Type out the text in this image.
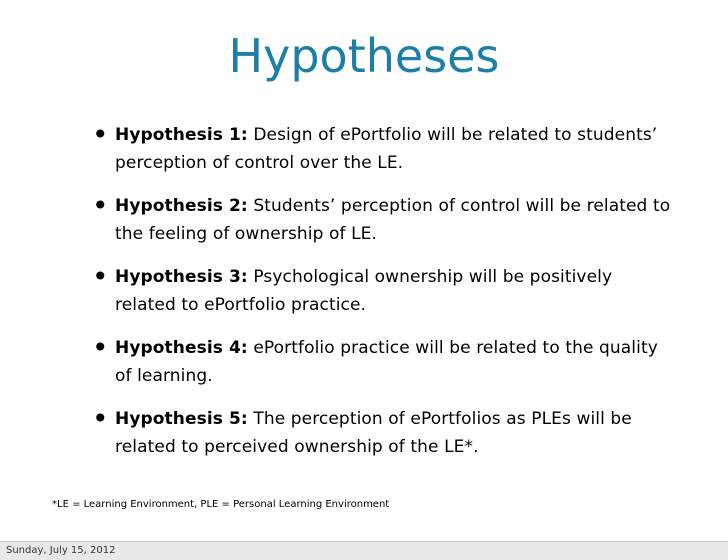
Hypotheses
• Hypothesis 1: Design of ePortfolio will be related to students’ perception of control over the LE.
• Hypothesis 2: Students’ perception of control will be related to the feeling of ownership of LE.
• Hypothesis 3: Psychological ownership will be positively related to ePortfolio practice.
• Hypothesis 4: ePortfolio practice will be related to the quality of learning.
• Hypothesis 5: The perception of ePortfolios as PLEs will be related to perceived ownership of the LE*.
*LE = Learning Environment, PLE = Personal Learning Environment
Sunday, July 15, 2012
